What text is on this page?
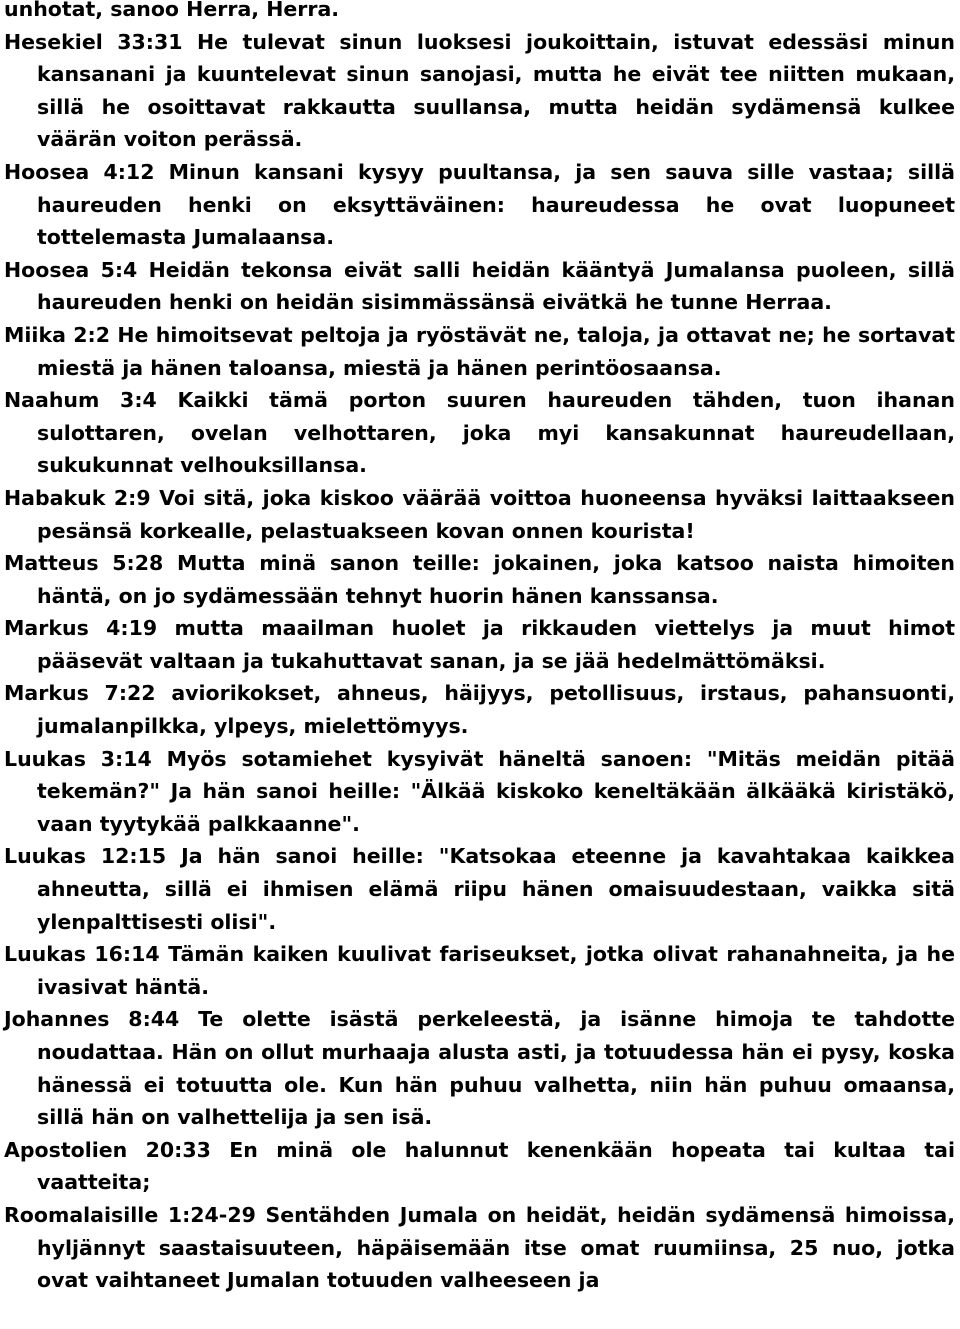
unhotat, sanoo Herra, Herra.

Hesekiel 33:31 He tulevat sinun luoksesi joukoittain, istuvat edessäsi minun kansanani ja kuuntelevat sinun sanojasi, mutta he eivät tee niitten mukaan, sillä he osoittavat rakkautta suullansa, mutta heidän sydämensä kulkee väärän voiton perässä.

Hoosea 4:12 Minun kansani kysyy puultansa, ja sen sauva sille vastaa; sillä haureuden henki on eksyttäväinen: haureudessa he ovat luopuneet tottelemasta Jumalaansa.

Hoosea 5:4 Heidän tekonsa eivät salli heidän kääntyä Jumalansa puoleen, sillä haureuden henki on heidän sisimmässänsä eivätkä he tunne Herraa.

Miika 2:2 He himoitsevat peltoja ja ryöstävät ne, taloja, ja ottavat ne; he sortavat miestä ja hänen taloansa, miestä ja hänen perintöosaansa.

Naahum 3:4 Kaikki tämä porton suuren haureuden tähden, tuon ihanan sulottaren, ovelan velhottaren, joka myi kansakunnat haureudellaan, sukukunnat velhouksillansa.

Habakuk 2:9 Voi sitä, joka kiskoo väärää voittoa huoneensa hyväksi laittaakseen pesänsä korkealle, pelastuakseen kovan onnen kourista!

Matteus 5:28 Mutta minä sanon teille: jokainen, joka katsoo naista himoiten häntä, on jo sydämessään tehnyt huorin hänen kanssansa.

Markus 4:19 mutta maailman huolet ja rikkauden viettelys ja muut himot pääsevät valtaan ja tukahuttavat sanan, ja se jää hedelmättömäksi.

Markus 7:22 aviorikokset, ahneus, häijyys, petollisuus, irstaus, pahansuonti, jumalanpilkka, ylpeys, mielettömyys.

Luukas 3:14 Myös sotamiehet kysyivät häneltä sanoen: "Mitäs meidän pitää tekemän?" Ja hän sanoi heille: "Älkää kiskoko keneltäkään älkääkä kiristäkö, vaan tyytykää palkkaanne".

Luukas 12:15 Ja hän sanoi heille: "Katsokaa eteenne ja kavahtakaa kaikkea ahneutta, sillä ei ihmisen elämä riipu hänen omaisuudestaan, vaikka sitä ylenpalttisesti olisi".

Luukas 16:14 Tämän kaiken kuulivat fariseukset, jotka olivat rahanahneita, ja he ivasivat häntä.

Johannes 8:44 Te olette isästä perkeleestä, ja isänne himoja te tahdotte noudattaa. Hän on ollut murhaaja alusta asti, ja totuudessa hän ei pysy, koska hänessä ei totuutta ole. Kun hän puhuu valhetta, niin hän puhuu omaansa, sillä hän on valhettelija ja sen isä.

Apostolien 20:33 En minä ole halunnut kenenkään hopeata tai kultaa tai vaatteita;

Roomalaisille 1:24-29 Sentähden Jumala on heidät, heidän sydämensä himoissa, hyljännyt saastaisuuteen, häpäisemään itse omat ruumiinsa, 25 nuo, jotka ovat vaihtaneet Jumalan totuuden valheeseen ja
